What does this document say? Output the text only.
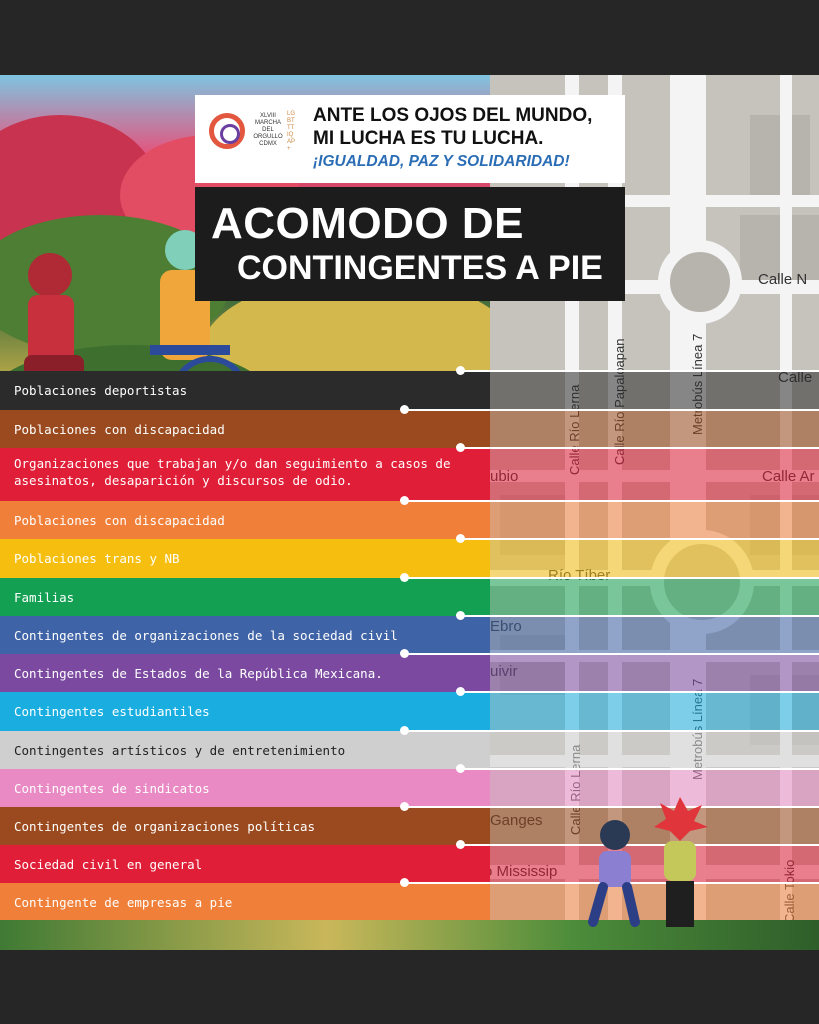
Calle N
XLVIII MARCHA DEL ORGULLO CDMX
LG BT TT IQ AP +
ANTE LOS OJOS DEL MUNDO,
MI LUCHA ES TU LUCHA.
¡IGUALDAD, PAZ Y SOLIDARIDAD!
ACOMODO DE
CONTINGENTES A PIE
Poblaciones deportistas
Poblaciones con discapacidad
Organizaciones que trabajan y/o dan seguimiento a casos de asesinatos, desaparición y discursos de odio.
Poblaciones con discapacidad
Poblaciones trans y NB
Familias
Contingentes de organizaciones de la sociedad civil
Contingentes de Estados de la República Mexicana.
Contingentes estudiantiles
Contingentes artísticos y de entretenimiento
Contingentes de sindicatos
Contingentes de organizaciones políticas
Sociedad civil en general
Contingente de empresas a pie
